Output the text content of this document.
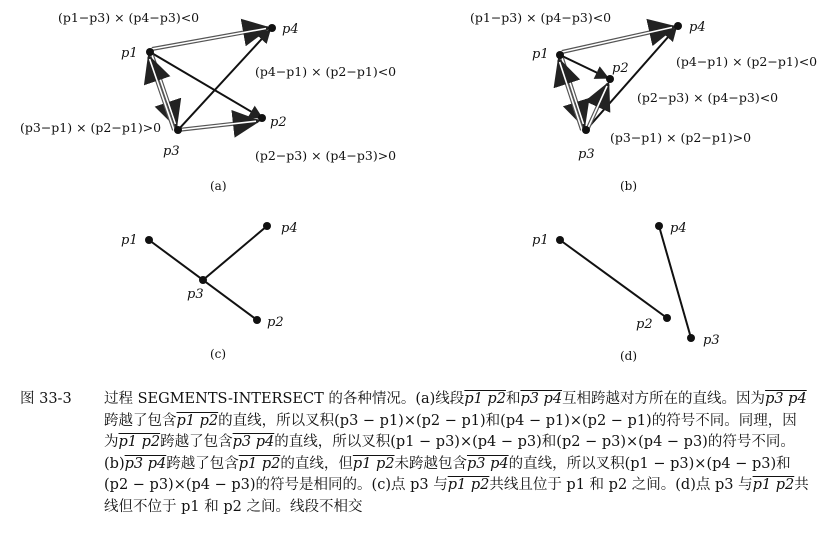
p1
p2
p3
p4
(p1−p3) × (p4−p3)<0
(p4−p1) × (p2−p1)<0
(p3−p1) × (p2−p1)>0
(p2−p3) × (p4−p3)>0
(a)
p1
p2
p3
p4
(p1−p3) × (p4−p3)<0
(p4−p1) × (p2−p1)<0
(p2−p3) × (p4−p3)<0
(p3−p1) × (p2−p1)>0
(b)
p1
p2
p3
p4
(c)
p1
p2
p3
p4
(d)
图 33-3	过程 SEGMENTS-INTERSECT 的各种情况。(a)线段p1 p2和p3 p4互相跨越对方所在的直线。因为p3 p4跨越了包含p1 p2的直线，所以叉积(p3 − p1)×(p2 − p1)和(p4 − p1)×(p2 − p1)的符号不同。同理，因为p1 p2跨越了包含p3 p4的直线，所以叉积(p1 − p3)×(p4 − p3)和(p2 − p3)×(p4 − p3)的符号不同。(b)p3 p4跨越了包含p1 p2的直线，但p1 p2未跨越包含p3 p4的直线，所以叉积(p1 − p3)×(p4 − p3)和(p2 − p3)×(p4 − p3)的符号是相同的。(c)点 p3 与p1 p2共线且位于 p1 和 p2 之间。(d)点 p3 与p1 p2共线但不位于 p1 和 p2 之间。线段不相交
